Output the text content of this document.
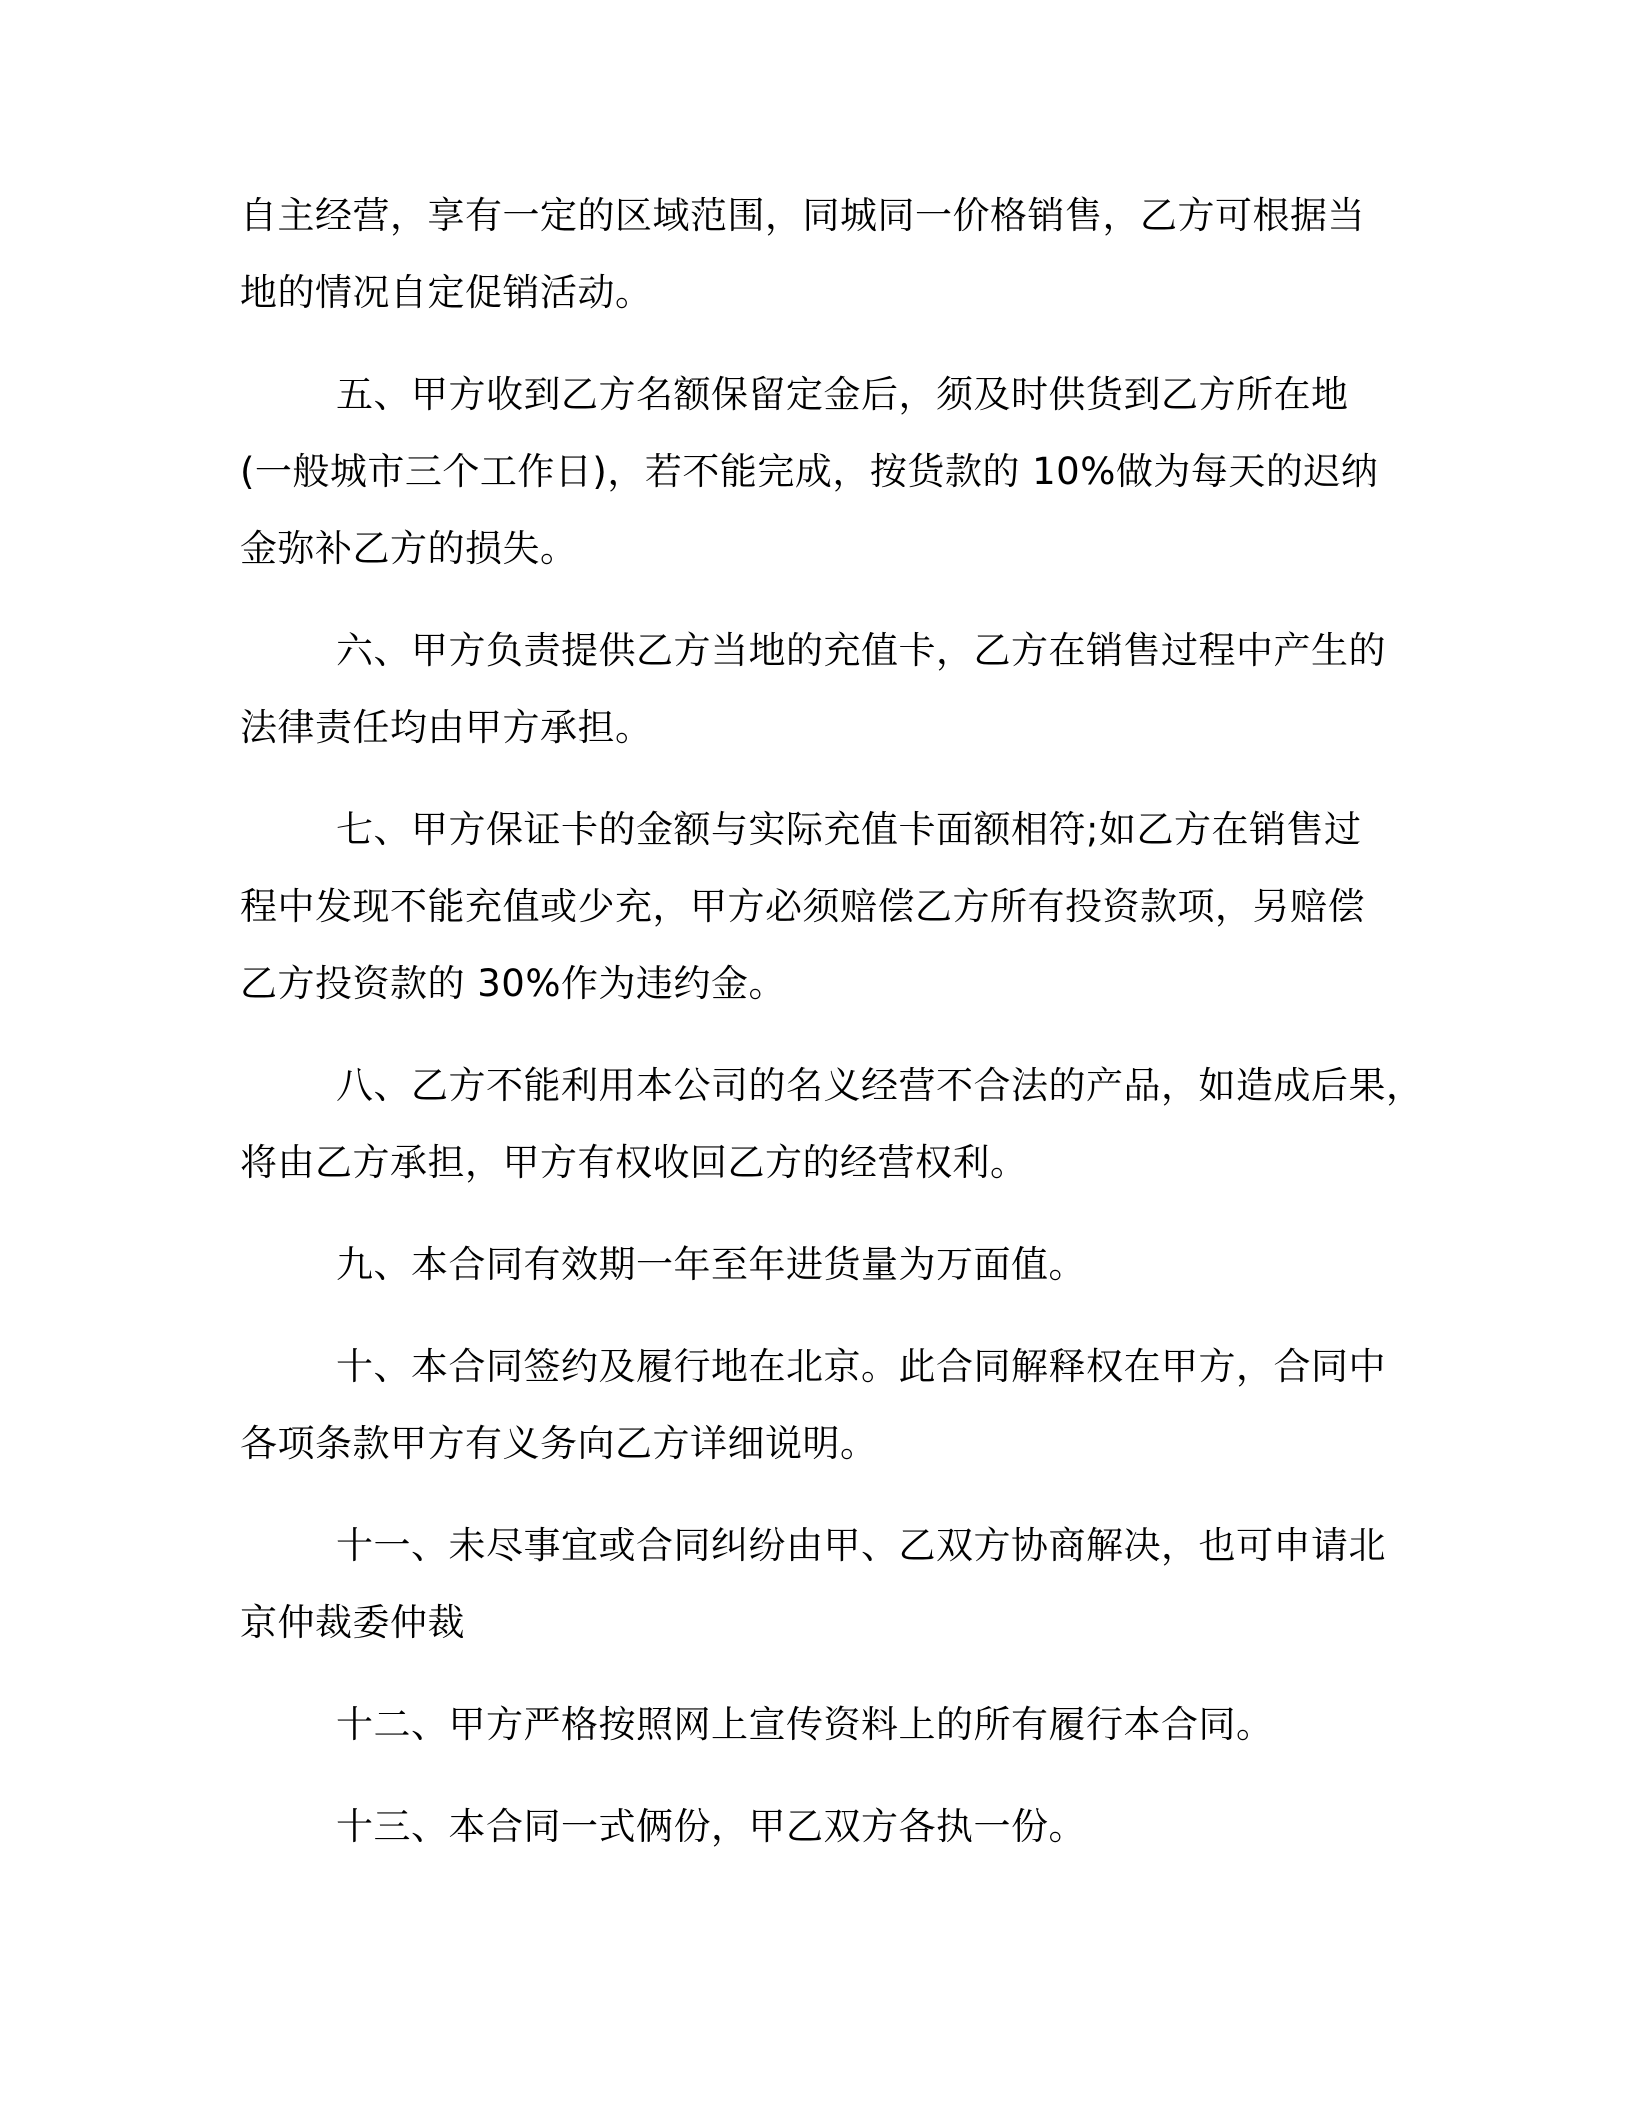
自主经营，享有一定的区域范围，同城同一价格销售，乙方可根据当
地的情况自定促销活动。
五、甲方收到乙方名额保留定金后，须及时供货到乙方所在地
(一般城市三个工作日)，若不能完成，按货款的 10%做为每天的迟纳
金弥补乙方的损失。
六、甲方负责提供乙方当地的充值卡，乙方在销售过程中产生的
法律责任均由甲方承担。
七、甲方保证卡的金额与实际充值卡面额相符;如乙方在销售过
程中发现不能充值或少充，甲方必须赔偿乙方所有投资款项，另赔偿
乙方投资款的 30%作为违约金。
八、乙方不能利用本公司的名义经营不合法的产品，如造成后果，
将由乙方承担，甲方有权收回乙方的经营权利。
九、本合同有效期一年至年进货量为万面值。
十、本合同签约及履行地在北京。此合同解释权在甲方，合同中
各项条款甲方有义务向乙方详细说明。
十一、未尽事宜或合同纠纷由甲、乙双方协商解决，也可申请北
京仲裁委仲裁
十二、甲方严格按照网上宣传资料上的所有履行本合同。
十三、本合同一式俩份，甲乙双方各执一份。
